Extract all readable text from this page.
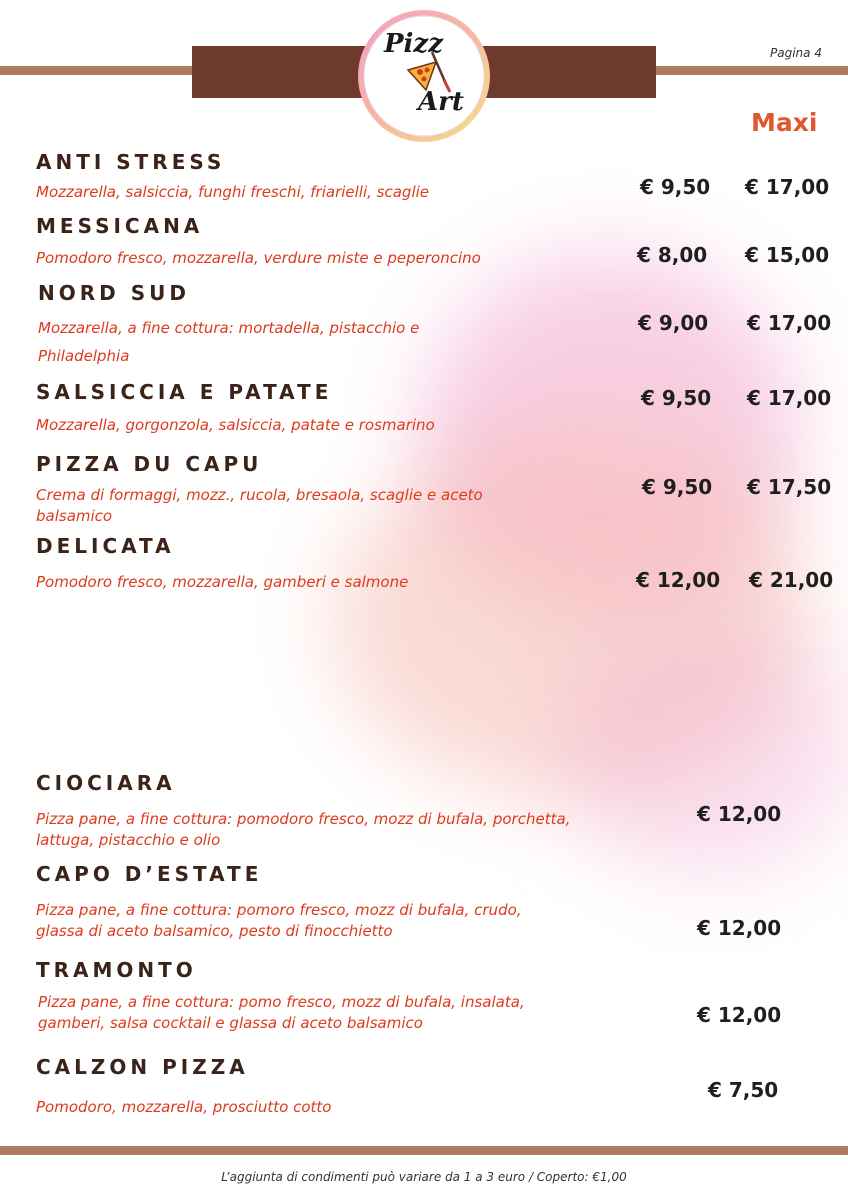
Pizz
Art
Pagina 4
Maxi
ANTI STRESS
Mozzarella, salsiccia, funghi freschi, friarielli, scaglie	€ 9,50 € 17,00
MESSICANA
Pomodoro fresco, mozzarella, verdure miste e peperoncino	€ 8,00 € 15,00
NORD SUD
Mozzarella, a fine cottura: mortadella, pistacchio e
Philadelphia
€ 9,00 € 17,00
SALSICCIA E PATATE
Mozzarella, gorgonzola, salsiccia, patate e rosmarino
€ 9,50 € 17,00
PIZZA DU CAPU
Crema di formaggi, mozz., rucola, bresaola, scaglie e aceto
balsamico
€ 9,50 € 17,50
DELICATA
Pomodoro fresco, mozzarella, gamberi e salmone	€ 12,00 € 21,00
CIOCIARA
Pizza pane, a fine cottura: pomodoro fresco, mozz di bufala, porchetta,
lattuga, pistacchio e olio
€ 12,00
CAPO D’ESTATE
Pizza pane, a fine cottura: pomoro fresco, mozz di bufala, crudo,
glassa di aceto balsamico, pesto di finocchietto	€ 12,00
TRAMONTO
Pizza pane, a fine cottura: pomo fresco, mozz di bufala, insalata,
gamberi, salsa cocktail e glassa di aceto balsamico	€ 12,00
CALZON PIZZA
Pomodoro, mozzarella, prosciutto cotto
€ 7,50
L’aggiunta di condimenti può variare da 1 a 3 euro / Coperto: €1,00
